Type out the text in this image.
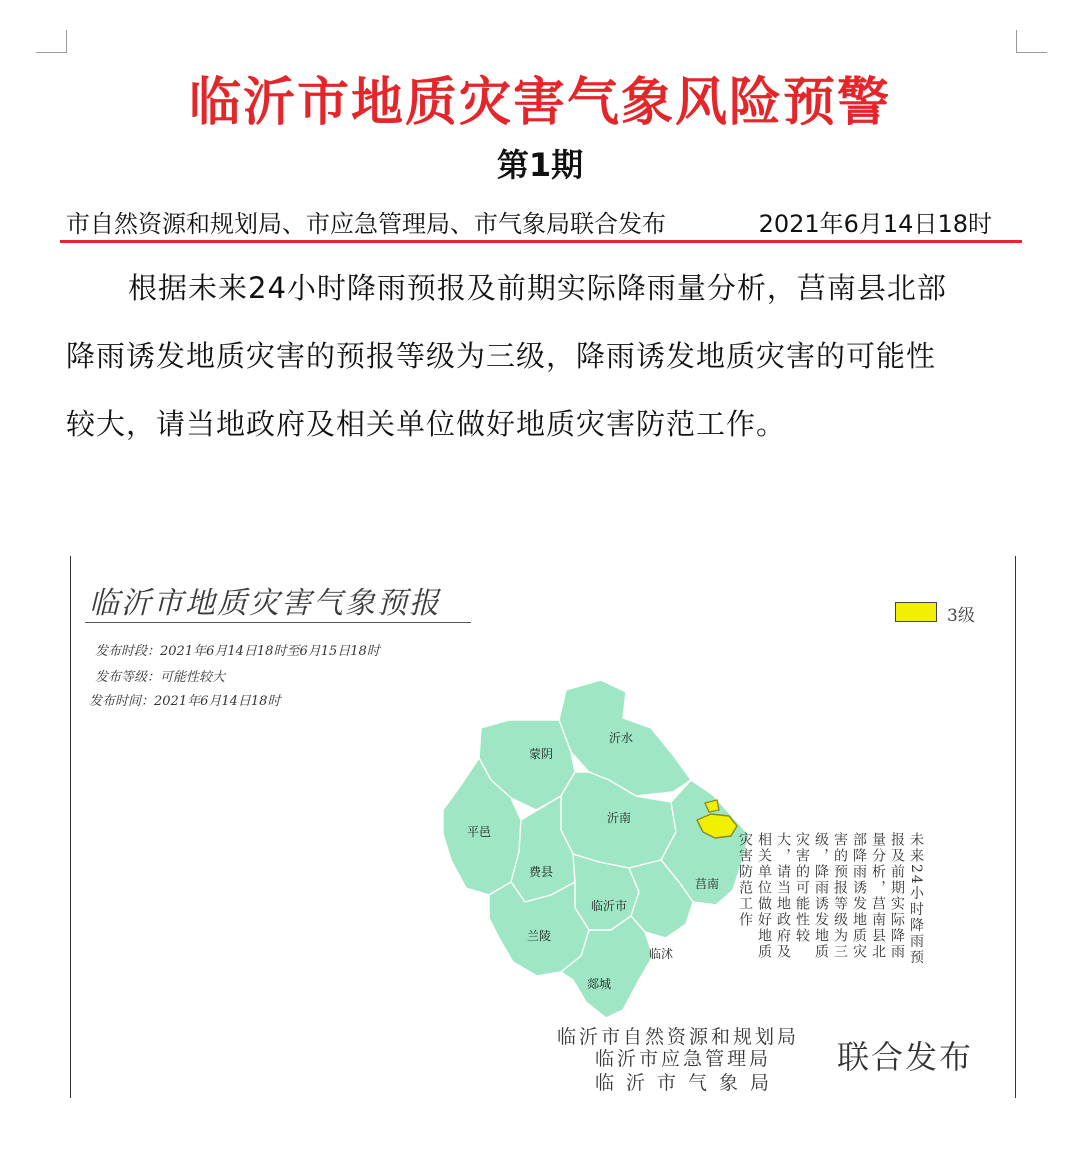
临沂市地质灾害气象风险预警
第1期
市自然资源和规划局、市应急管理局、市气象局联合发布	2021年6月14日18时
根据未来24小时降雨预报及前期实际降雨量分析，莒南县北部
降雨诱发地质灾害的预报等级为三级，降雨诱发地质灾害的可能性
较大，请当地政府及相关单位做好地质灾害防范工作。
临沂市地质灾害气象预报
发布时段：2021年6月14日18时至6月15日18时
发布等级：可能性较大
发布时间：2021年6月14日18时
3级
沂水
蒙阴
平邑
沂南
费县
莒南
临沂市
兰陵
临沭
郯城
未来24小时降雨预报及前期实际降雨量分析，莒南县北部降雨诱发地质灾害的预报等级为三级，降雨诱发地质灾害的可能性较大，请当地政府及相关单位做好地质灾害防范工作
临沂市自然资源和规划局
临沂市应急管理局
临沂市气象局
联合发布
